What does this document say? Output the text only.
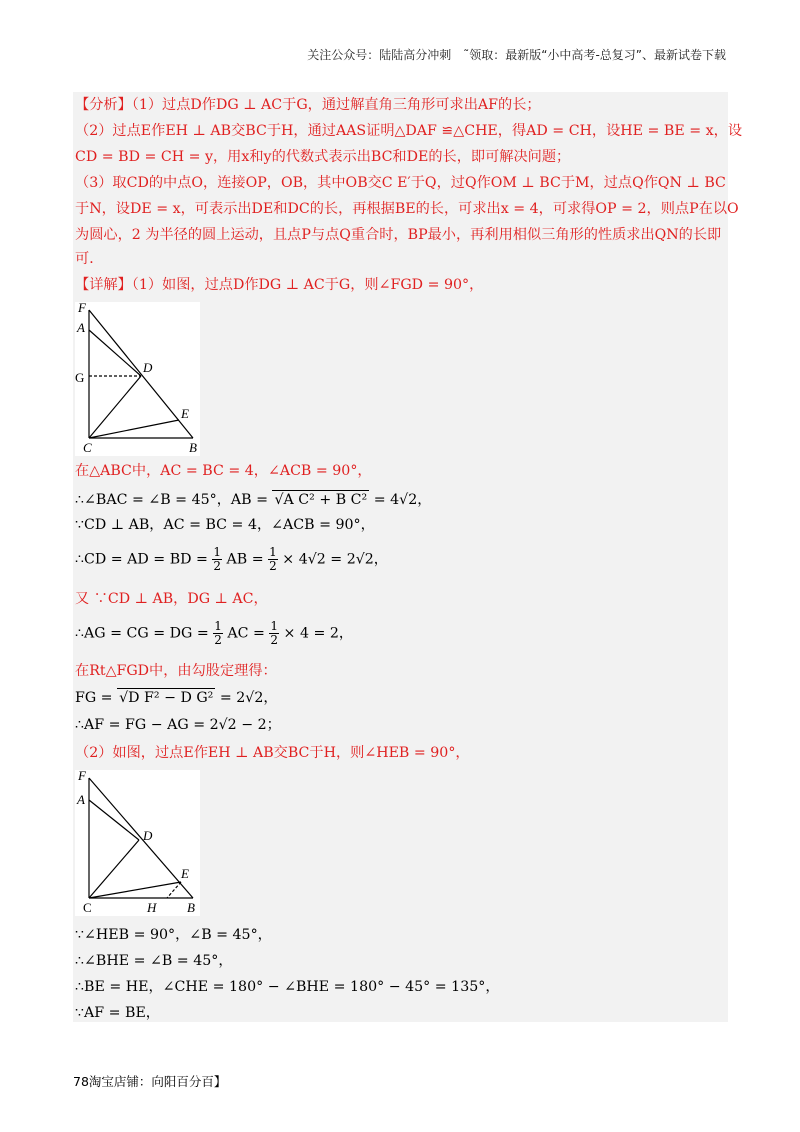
关注公众号：陆陆高分冲刺　˜领取：最新版“小中高考-总复习”、最新试卷下载
【分析】（1）过点D作DG ⊥ AC于G，通过解直角三角形可求出AF的长；
（2）过点E作EH ⊥ AB交BC于H，通过AAS证明△DAF ≌△CHE，得AD = CH，设HE = BE = x，设
CD = BD = CH = y，用x和y的代数式表示出BC和DE的长，即可解决问题；
（3）取CD的中点O，连接OP，OB，其中OB交C E′于Q，过Q作OM ⊥ BC于M，过点Q作QN ⊥ BC
于N，设DE = x，可表示出DE和DC的长，再根据BE的长，可求出x = 4，可求得OP = 2，则点P在以O
为圆心，2 为半径的圆上运动，且点P与点Q重合时，BP最小，再利用相似三角形的性质求出QN的长即
可．
【详解】（1）如图，过点D作DG ⊥ AC于G，则∠FGD = 90°，
F
A
G
D
E
C	B
在△ABC中，AC = BC = 4，∠ACB = 90°，
∴∠BAC = ∠B = 45°，AB = √A C² + B C² = 4√2，
∵CD ⊥ AB，AC = BC = 4，∠ACB = 90°，
∴CD = AD = BD = $\frac{1}{2}$ AB = $\frac{1}{2} \times 4√2 = 2√2$，
又 ∵CD ⊥ AB，DG ⊥ AC，
∴AG = CG = DG = $\frac{1}{2}$ AC = $\frac{1}{2} \times 4 = 2$，
在Rt△FGD中，由勾股定理得：
FG = √D F² − D G² = 2√2，
∴AF = FG − AG = 2√2 − 2；
（2）如图，过点E作EH ⊥ AB交BC于H，则∠HEB = 90°，
F
A
D
E
C	H B
∵∠HEB = 90°，∠B = 45°，
∴∠BHE = ∠B = 45°，
∴BE = HE，∠CHE = 180° − ∠BHE = 180° − 45° = 135°，
∵AF = BE，
78淘宝店铺：向阳百分百】
